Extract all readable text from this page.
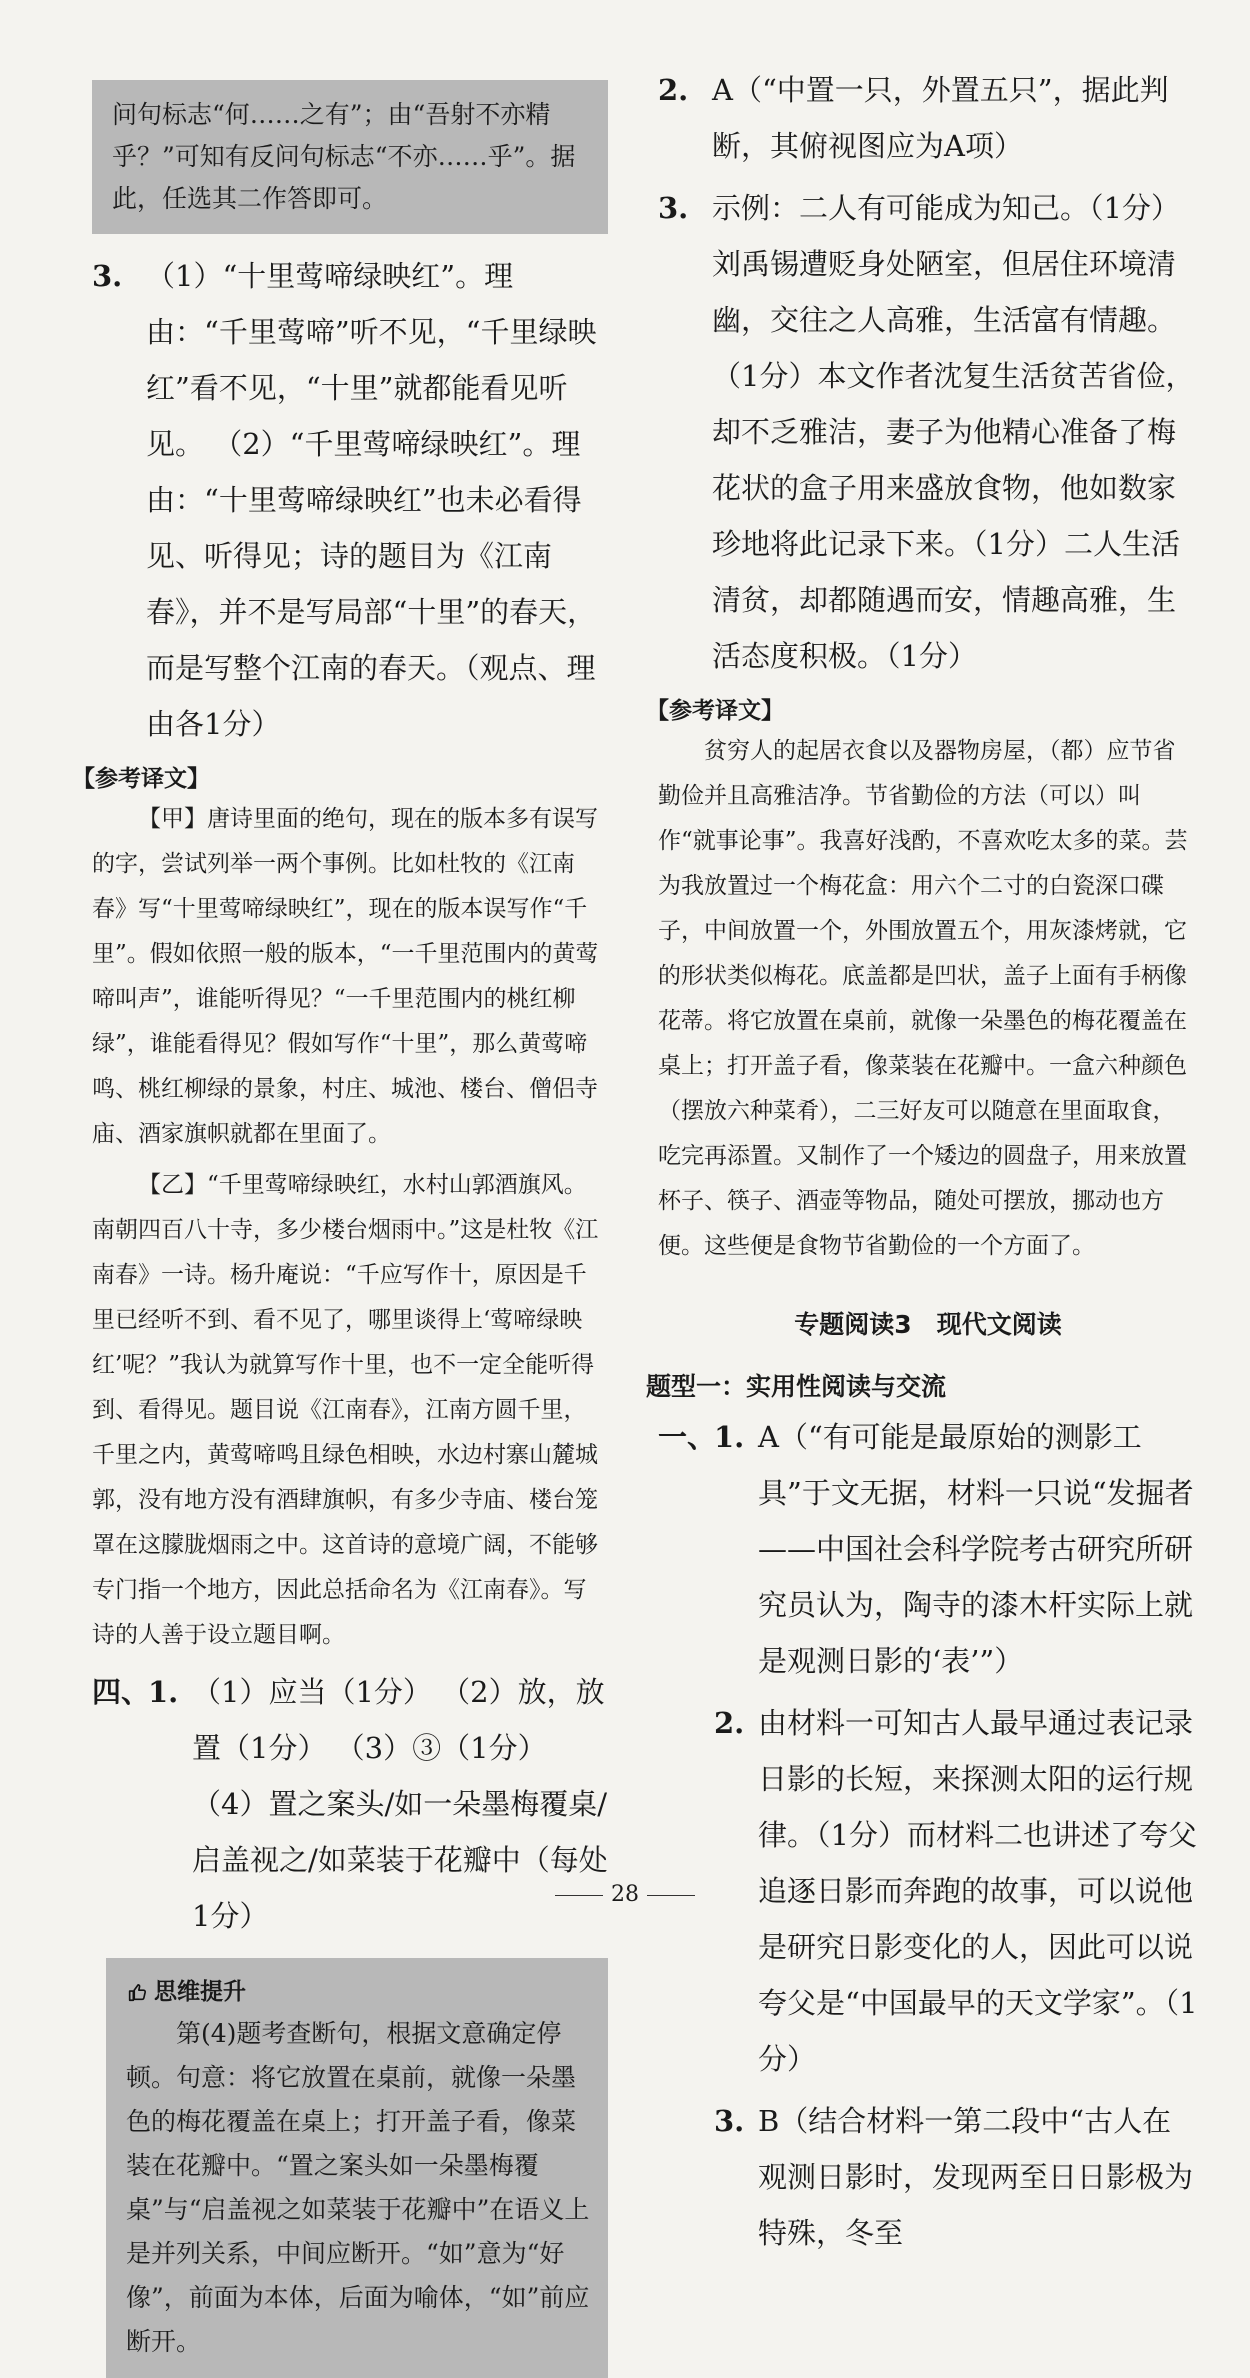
问句标志“何……之有”；由“吾射不亦精乎？”可知有反问句标志“不亦……乎”。据此，任选其二作答即可。
3. （1）“十里莺啼绿映红”。理由：“千里莺啼”听不见，“千里绿映红”看不见，“十里”就都能看见听见。 （2）“千里莺啼绿映红”。理由：“十里莺啼绿映红”也未必看得见、听得见；诗的题目为《江南春》，并不是写局部“十里”的春天，而是写整个江南的春天。（观点、理由各1分）
【参考译文】

【甲】唐诗里面的绝句，现在的版本多有误写的字，尝试列举一两个事例。比如杜牧的《江南春》写“十里莺啼绿映红”，现在的版本误写作“千里”。假如依照一般的版本，“一千里范围内的黄莺啼叫声”，谁能听得见？“一千里范围内的桃红柳绿”，谁能看得见？假如写作“十里”，那么黄莺啼鸣、桃红柳绿的景象，村庄、城池、楼台、僧侣寺庙、酒家旗帜就都在里面了。

【乙】“千里莺啼绿映红，水村山郭酒旗风。南朝四百八十寺，多少楼台烟雨中。”这是杜牧《江南春》一诗。杨升庵说：“千应写作十，原因是千里已经听不到、看不见了，哪里谈得上‘莺啼绿映红’呢？”我认为就算写作十里，也不一定全能听得到、看得见。题目说《江南春》，江南方圆千里，千里之内，黄莺啼鸣且绿色相映，水边村寨山麓城郭，没有地方没有酒肆旗帜，有多少寺庙、楼台笼罩在这朦胧烟雨之中。这首诗的意境广阔，不能够专门指一个地方，因此总括命名为《江南春》。写诗的人善于设立题目啊。

四、
1. （1）应当（1分） （2）放，放置（1分） （3）③（1分） （4）置之案头/如一朵墨梅覆桌/启盖视之/如菜装于花瓣中（每处1分）
思维提升

第(4)题考查断句，根据文意确定停顿。句意：将它放置在桌前，就像一朵墨色的梅花覆盖在桌上；打开盖子看，像菜装在花瓣中。“置之案头如一朵墨梅覆桌”与“启盖视之如菜装于花瓣中”在语义上是并列关系，中间应断开。“如”意为“好像”，前面为本体，后面为喻体，“如”前应断开。

2. A（“中置一只，外置五只”，据此判断，其俯视图应为A项）
3. 示例：二人有可能成为知己。（1分）刘禹锡遭贬身处陋室，但居住环境清幽，交往之人高雅，生活富有情趣。（1分）本文作者沈复生活贫苦省俭，却不乏雅洁，妻子为他精心准备了梅花状的盒子用来盛放食物，他如数家珍地将此记录下来。（1分）二人生活清贫，却都随遇而安，情趣高雅，生活态度积极。（1分）
【参考译文】

贫穷人的起居衣食以及器物房屋，（都）应节省勤俭并且高雅洁净。节省勤俭的方法（可以）叫作“就事论事”。我喜好浅酌，不喜欢吃太多的菜。芸为我放置过一个梅花盒：用六个二寸的白瓷深口碟子，中间放置一个，外围放置五个，用灰漆烤就，它的形状类似梅花。底盖都是凹状，盖子上面有手柄像花蒂。将它放置在桌前，就像一朵墨色的梅花覆盖在桌上；打开盖子看，像菜装在花瓣中。一盒六种颜色（摆放六种菜肴），二三好友可以随意在里面取食，吃完再添置。又制作了一个矮边的圆盘子，用来放置杯子、筷子、酒壶等物品，随处可摆放，挪动也方便。这些便是食物节省勤俭的一个方面了。

专题阅读3　现代文阅读
题型一：实用性阅读与交流
一、
1. A（“有可能是最原始的测影工具”于文无据，材料一只说“发掘者——中国社会科学院考古研究所研究员认为，陶寺的漆木杆实际上就是观测日影的‘表’”）
2. 由材料一可知古人最早通过表记录日影的长短，来探测太阳的运行规律。（1分）而材料二也讲述了夸父追逐日影而奔跑的故事，可以说他是研究日影变化的人，因此可以说夸父是“中国最早的天文学家”。（1分）
3. B（结合材料一第二段中“古人在观测日影时，发现两至日日影极为特殊，冬至
28
